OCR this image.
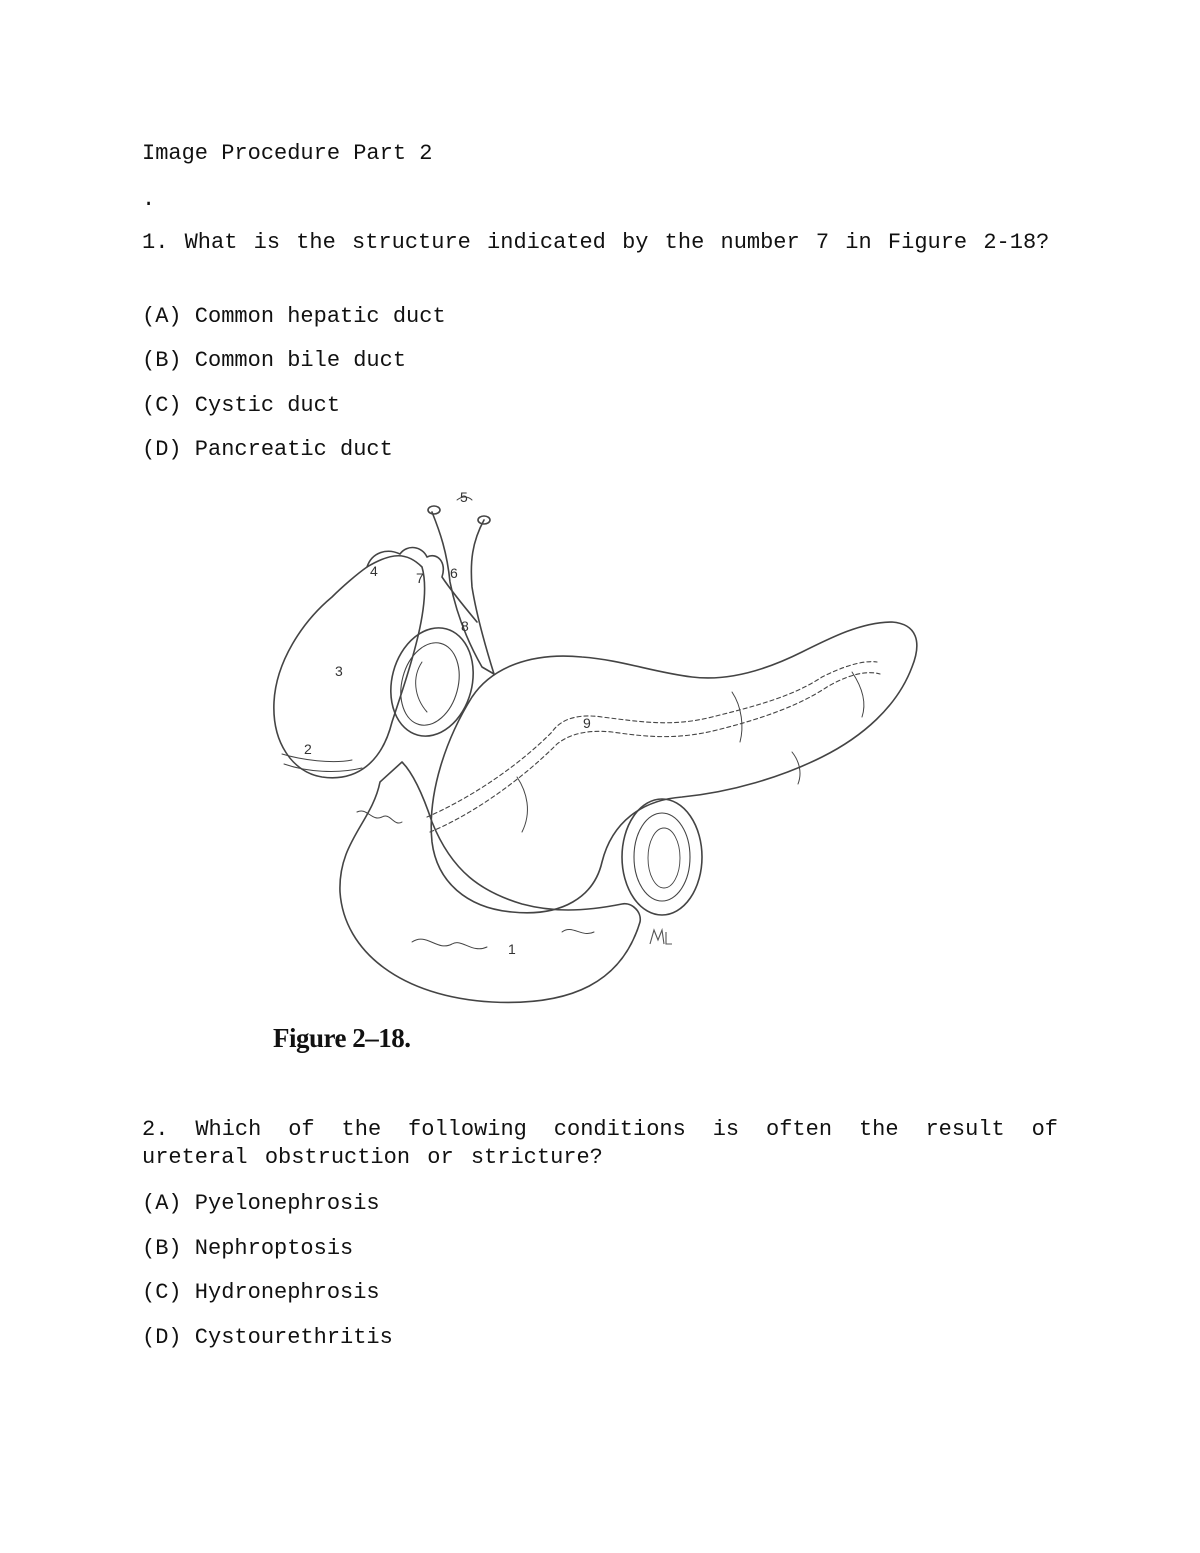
Image Procedure Part 2
.
1. What is the structure indicated by the number 7 in Figure 2-18?
(A) Common hepatic duct
(B) Common bile duct
(C) Cystic duct
(D) Pancreatic duct
1
2
3
4
5
6
7
8
9
Figure 2–18.
2. Which of the following conditions is often the result of ureteral obstruction or stricture?
(A) Pyelonephrosis
(B) Nephroptosis
(C) Hydronephrosis
(D) Cystourethritis
